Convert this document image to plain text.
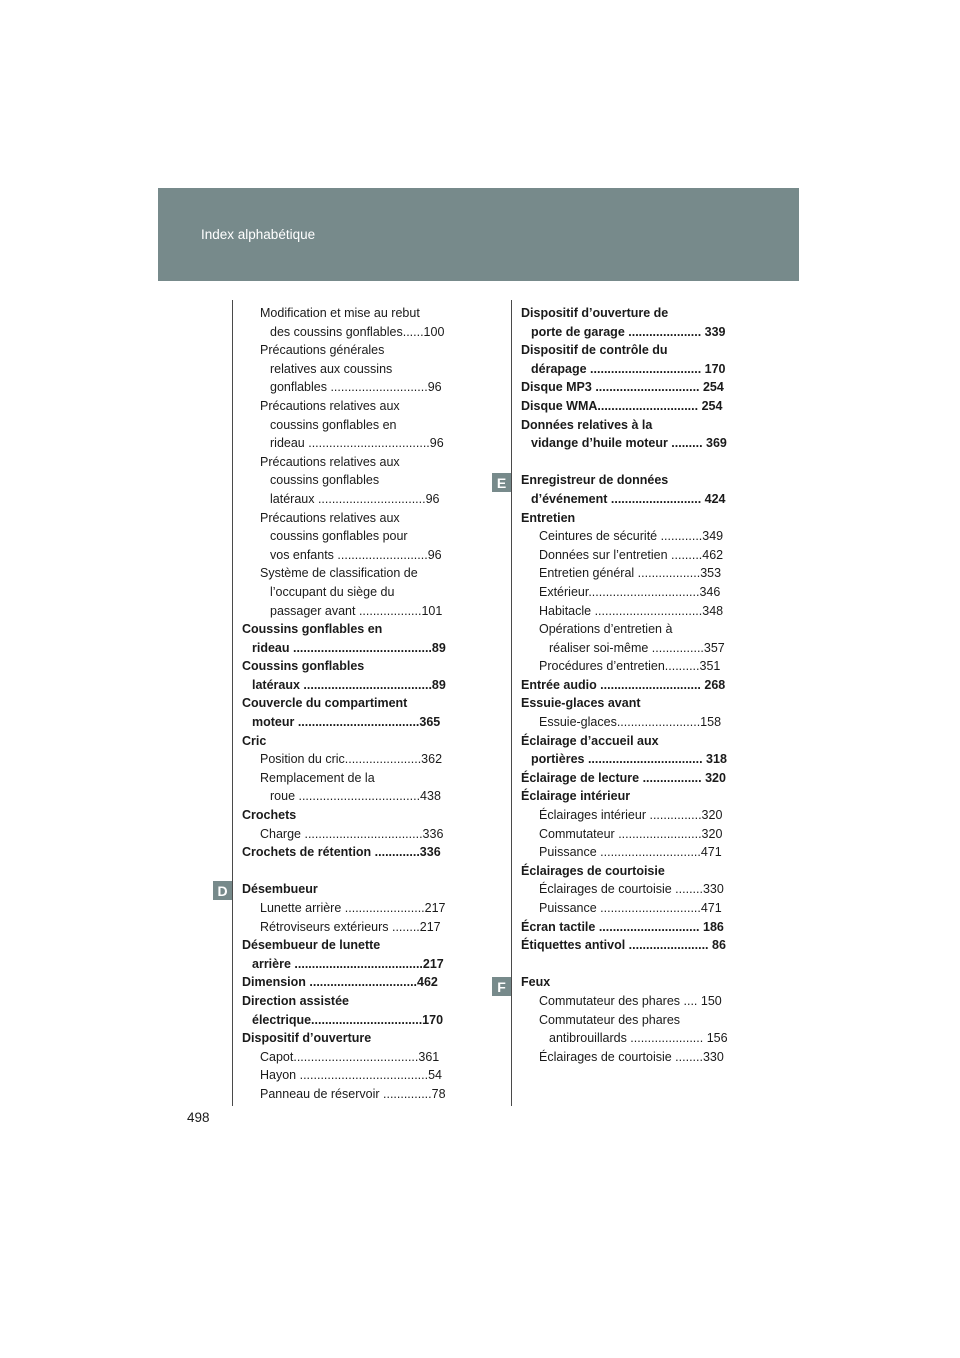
Index alphabétique
D
E
F
Modification et mise au rebut
des coussins gonflables......100
Précautions générales
relatives aux coussins
gonflables ............................96
Précautions relatives aux
coussins gonflables en
rideau ...................................96
Précautions relatives aux
coussins gonflables
latéraux ...............................96
Précautions relatives aux
coussins gonflables pour
vos enfants ..........................96
Système de classification de
l’occupant du siège du
passager avant ..................101
Coussins gonflables en
rideau ........................................89
Coussins gonflables
latéraux .....................................89
Couvercle du compartiment
moteur ...................................365
Cric
Position du cric......................362
Remplacement de la
roue ...................................438
Crochets
Charge ..................................336
Crochets de rétention .............336
Désembueur
Lunette arrière .......................217
Rétroviseurs extérieurs ........217
Désembueur de lunette
arrière .....................................217
Dimension ...............................462
Direction assistée
électrique................................170
Dispositif d’ouverture
Capot....................................361
Hayon .....................................54
Panneau de réservoir ..............78
Dispositif d’ouverture de
porte de garage ..................... 339
Dispositif de contrôle du
dérapage ................................ 170
Disque MP3 .............................. 254
Disque WMA............................. 254
Données relatives à la
vidange d’huile moteur ......... 369
Enregistreur de données
d’événement .......................... 424
Entretien
Ceintures de sécurité ............349
Données sur l’entretien .........462
Entretien général ..................353
Extérieur................................346
Habitacle ...............................348
Opérations d’entretien à
réaliser soi-même ...............357
Procédures d’entretien..........351
Entrée audio ............................. 268
Essuie-glaces avant
Essuie-glaces........................158
Éclairage d’accueil aux
portières ................................. 318
Éclairage de lecture ................. 320
Éclairage intérieur
Éclairages intérieur ...............320
Commutateur ........................320
Puissance .............................471
Éclairages de courtoisie
Éclairages de courtoisie ........330
Puissance .............................471
Écran tactile ............................. 186
Étiquettes antivol ....................... 86
Feux
Commutateur des phares .... 150
Commutateur des phares
antibrouillards ..................... 156
Éclairages de courtoisie ........330
498
